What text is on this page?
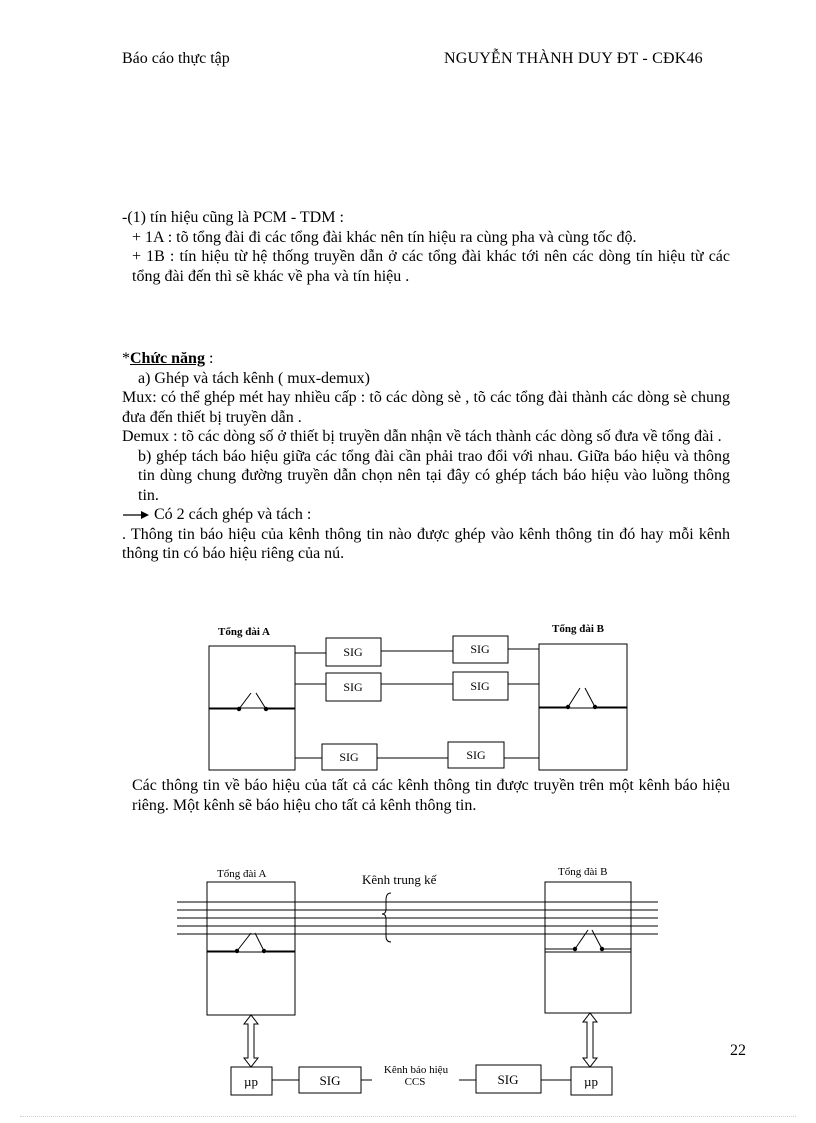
Báo cáo thực tập	NGUYỄN THÀNH DUY ĐT - CĐK46

-(1) tín hiệu cũng là PCM - TDM :

+ 1A : tõ tổng đài đi các tổng đài khác nên tín hiệu ra cùng pha và cùng tốc độ.

+ 1B : tín hiệu từ hệ thống truyền dẫn ở các tổng đài khác tới nên các dòng tín hiệu từ các tổng đài đến thì sẽ khác về pha và tín hiệu .

*Chức năng :

a) Ghép và tách kênh ( mux-demux)

Mux: có thể ghép mét hay nhiều cấp : tõ các dòng sè , tõ các tổng đài thành các dòng sè chung đưa đến thiết bị truyền dẫn .

Demux : tõ các dòng số ở thiết bị truyền dẫn nhận về tách thành các dòng số đưa về tổng đài .

b) ghép tách báo hiệu giữa các tổng đài cần phải trao đổi với nhau. Giữa báo hiệu và thông tin dùng chung đường truyền dẫn chọn nên tại đây có ghép tách báo hiệu vào luồng thông tin.

Có 2 cách ghép và tách :

. Thông tin báo hiệu của kênh thông tin nào được ghép vào kênh thông tin đó hay mỗi kênh thông tin có báo hiệu riêng của nú.

Tổng đài A	Tổng đài B
SIG	SIG
SIG	SIG
SIG	SIG

Các thông tin về báo hiệu của tất cả các kênh thông tin được truyền trên một kênh báo hiệu riêng. Một kênh sẽ báo hiệu cho tất cả kênh thông tin.

Tổng đài A	Tổng đài B
Kênh trung kế
µp	SIG	SIG	µp
Kênh báo hiệu
CCS
22
